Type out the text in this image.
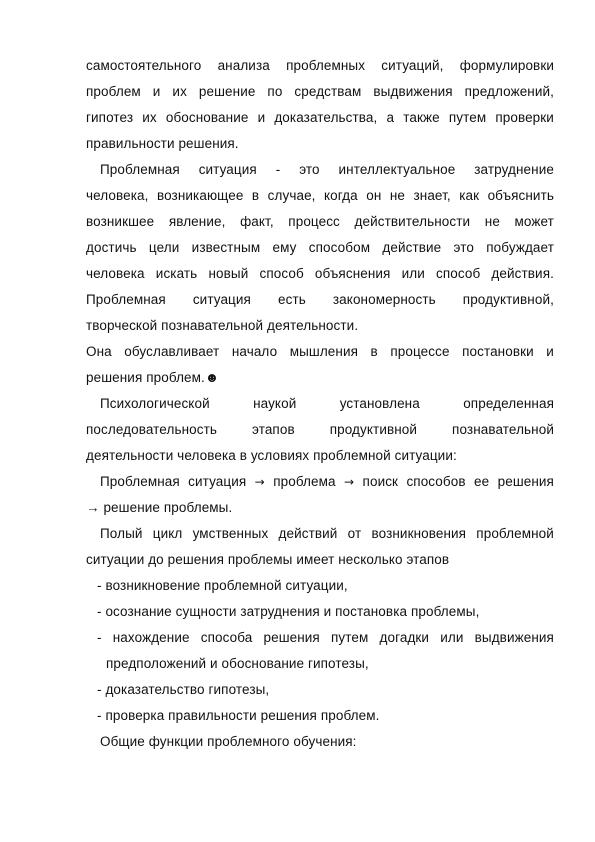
самостоятельного анализа проблемных ситуаций, формулировки
проблем и их решение по средствам выдвижения предложений,
гипотез их обоснование и доказательства, а также путем проверки
правильности решения.
Проблемная ситуация - это интеллектуальное затруднение
человека, возникающее в случае, когда он не знает, как объяснить
возникшее явление, факт, процесс действительности не может
достичь цели известным ему способом действие это побуждает
человека искать новый способ объяснения или способ действия.
Проблемная ситуация есть закономерность продуктивной,
творческой познавательной деятельности.
Она обуславливает начало мышления в процессе постановки и
решения проблем.☻
Психологической	наукой	установлена	определенная
последовательность	этапов	продуктивной	познавательной
деятельности человека в условиях проблемной ситуации:
Проблемная ситуация → проблема → поиск способов ее решения
→ решение проблемы.
Полый цикл умственных действий от возникновения проблемной
ситуации до решения проблемы имеет несколько этапов
- возникновение проблемной ситуации,
- осознание сущности затруднения и постановка проблемы,
- нахождение способа решения путем догадки или выдвижения
предположений и обоснование гипотезы,
- доказательство гипотезы,
- проверка правильности решения проблем.
Общие функции проблемного обучения:
